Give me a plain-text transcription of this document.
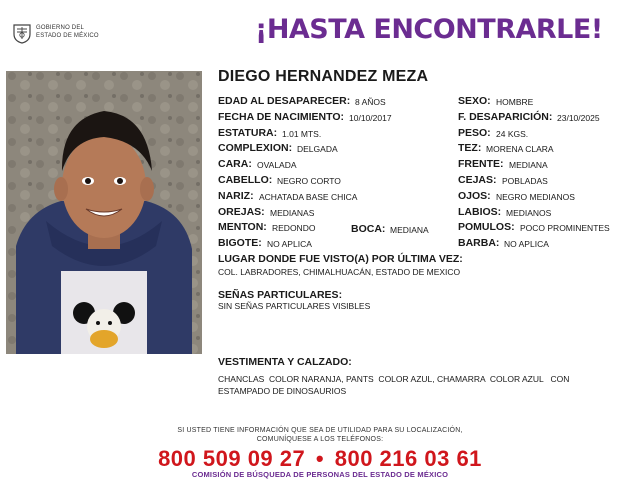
GOBIERNO DEL
ESTADO DE MÉXICO	¡HASTA ENCONTRARLE!
DIEGO HERNANDEZ MEZA
EDAD AL DESAPARECER: 8 AÑOS
FECHA DE NACIMIENTO: 10/10/2017
ESTATURA: 1.01 MTS.
COMPLEXION: DELGADA
CARA: OVALADA
CABELLO: NEGRO CORTO
NARIZ: ACHATADA BASE CHICA
OREJAS: MEDIANAS
MENTON: REDONDO
BIGOTE: NO APLICA
SEXO: HOMBRE
F. DESAPARICIÓN: 23/10/2025
PESO: 24 KGS.
TEZ: MORENA CLARA
FRENTE: MEDIANA
CEJAS: POBLADAS
OJOS: NEGRO MEDIANOS
LABIOS: MEDIANOS
POMULOS: POCO PROMINENTES
BARBA: NO APLICA
BOCA: MEDIANA
LUGAR DONDE FUE VISTO(A) POR ÚLTIMA VEZ:
COL. LABRADORES, CHIMALHUACÁN, ESTADO DE MEXICO
SEÑAS PARTICULARES:
SIN SEÑAS PARTICULARES VISIBLES
VESTIMENTA Y CALZADO:
CHANCLAS  COLOR NARANJA, PANTS  COLOR AZUL, CHAMARRA  COLOR AZUL   CON
ESTAMPADO DE DINOSAURIOS
SI USTED TIENE INFORMACIÓN QUE SEA DE UTILIDAD PARA SU LOCALIZACIÓN,
COMUNÍQUESE A LOS TELÉFONOS:
800 509 09 27 • 800 216 03 61
COMISIÓN DE BÚSQUEDA DE PERSONAS DEL ESTADO DE MÉXICO
